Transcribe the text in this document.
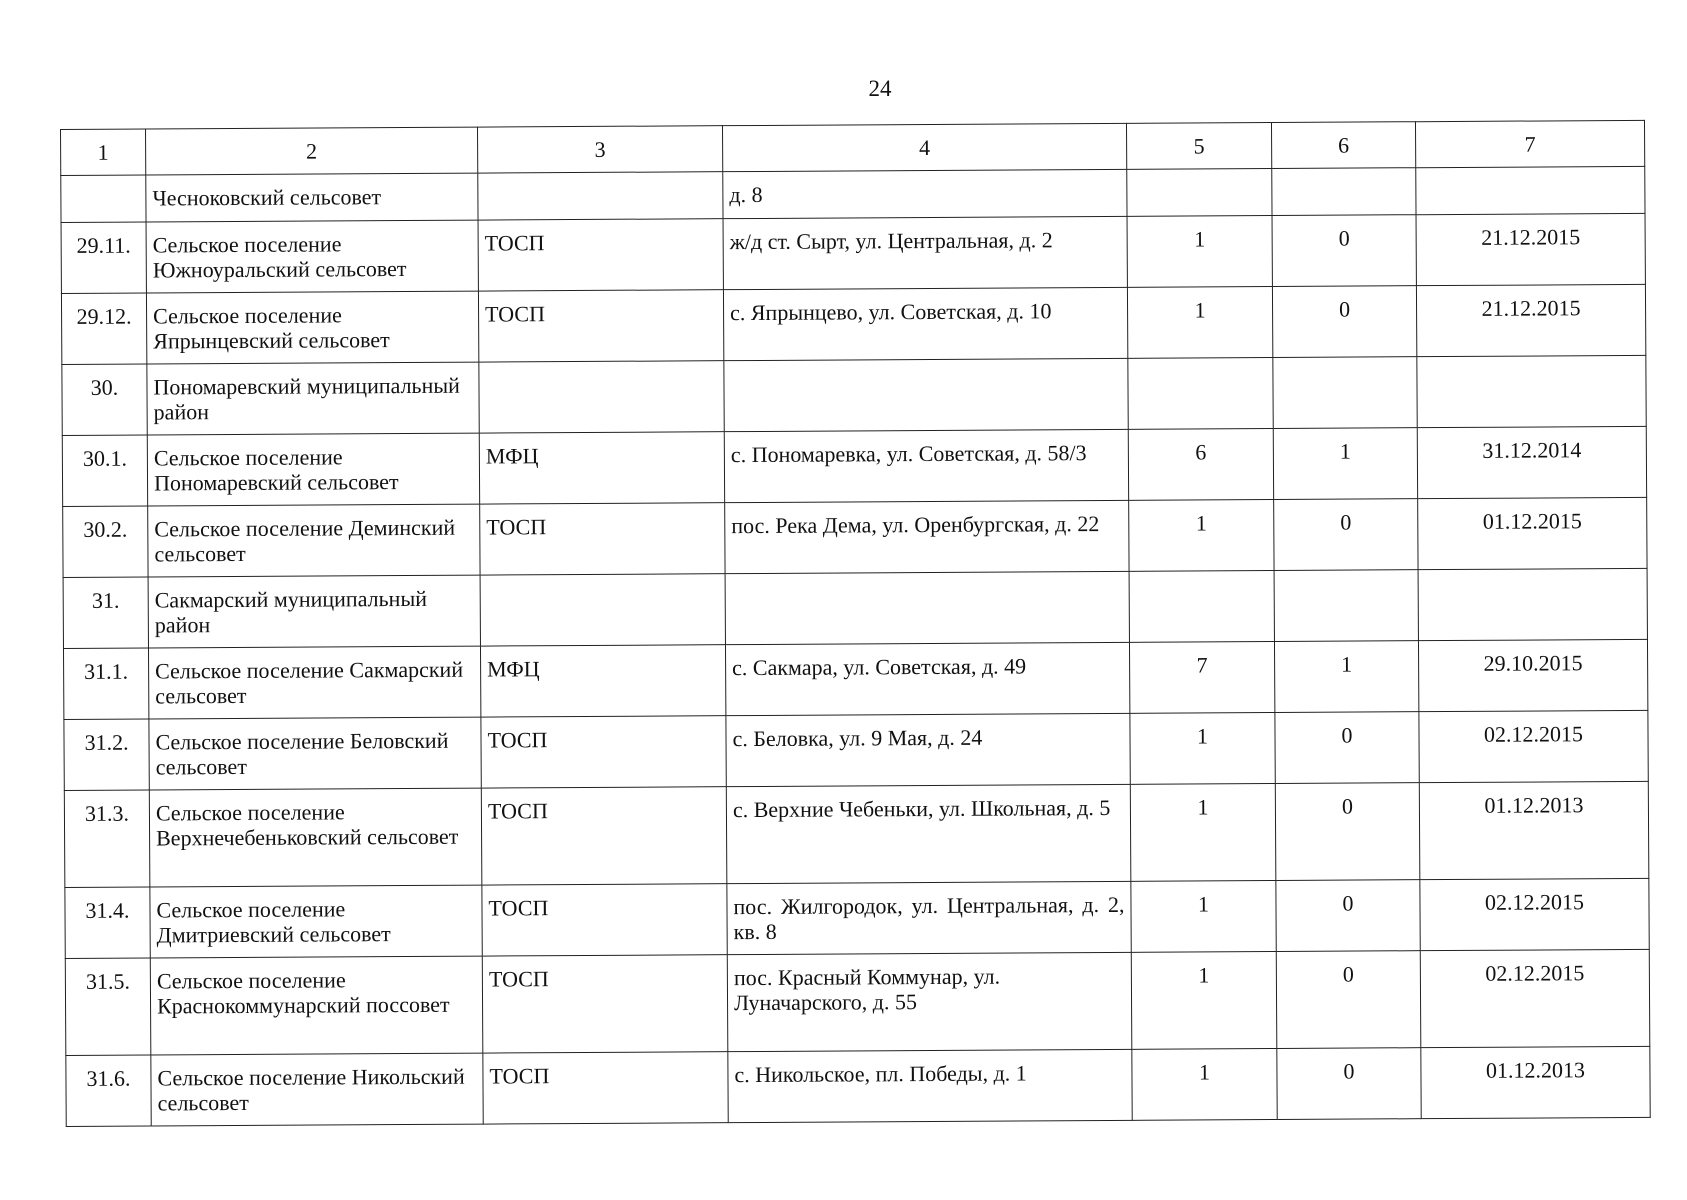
24
1	2	3	4	5	6	7
	Чесноковский сельсовет		д. 8			
29.11.	Сельское поселение Южноуральский сельсовет	ТОСП	ж/д ст. Сырт, ул. Центральная, д. 2	1	0	21.12.2015
29.12.	Сельское поселение Япрынцевский сельсовет	ТОСП	с. Япрынцево, ул. Советская, д. 10	1	0	21.12.2015
30.	Пономаревский муниципальный район					
30.1.	Сельское поселение Пономаревский сельсовет	МФЦ	с. Пономаревка, ул. Советская, д. 58/3	6	1	31.12.2014
30.2.	Сельское поселение Деминский сельсовет	ТОСП	пос. Река Дема, ул. Оренбургская, д. 22	1	0	01.12.2015
31.	Сакмарский муниципальный район					
31.1.	Сельское поселение Сакмарский сельсовет	МФЦ	с. Сакмара, ул. Советская, д. 49	7	1	29.10.2015
31.2.	Сельское поселение Беловский сельсовет	ТОСП	с. Беловка, ул. 9 Мая, д. 24	1	0	02.12.2015
31.3.	Сельское поселение Верхнечебеньковский сельсовет	ТОСП	с. Верхние Чебеньки, ул. Школьная, д. 5	1	0	01.12.2013
31.4.	Сельское поселение Дмитриевский сельсовет	ТОСП	пос. Жилгородок, ул. Центральная, д. 2, кв. 8	1	0	02.12.2015
31.5.	Сельское поселение Краснокоммунарский поссовет	ТОСП	пос. Красный Коммунар, ул. Луначарского, д. 55	1	0	02.12.2015
31.6.	Сельское поселение Никольский сельсовет	ТОСП	с. Никольское, пл. Победы, д. 1	1	0	01.12.2013
